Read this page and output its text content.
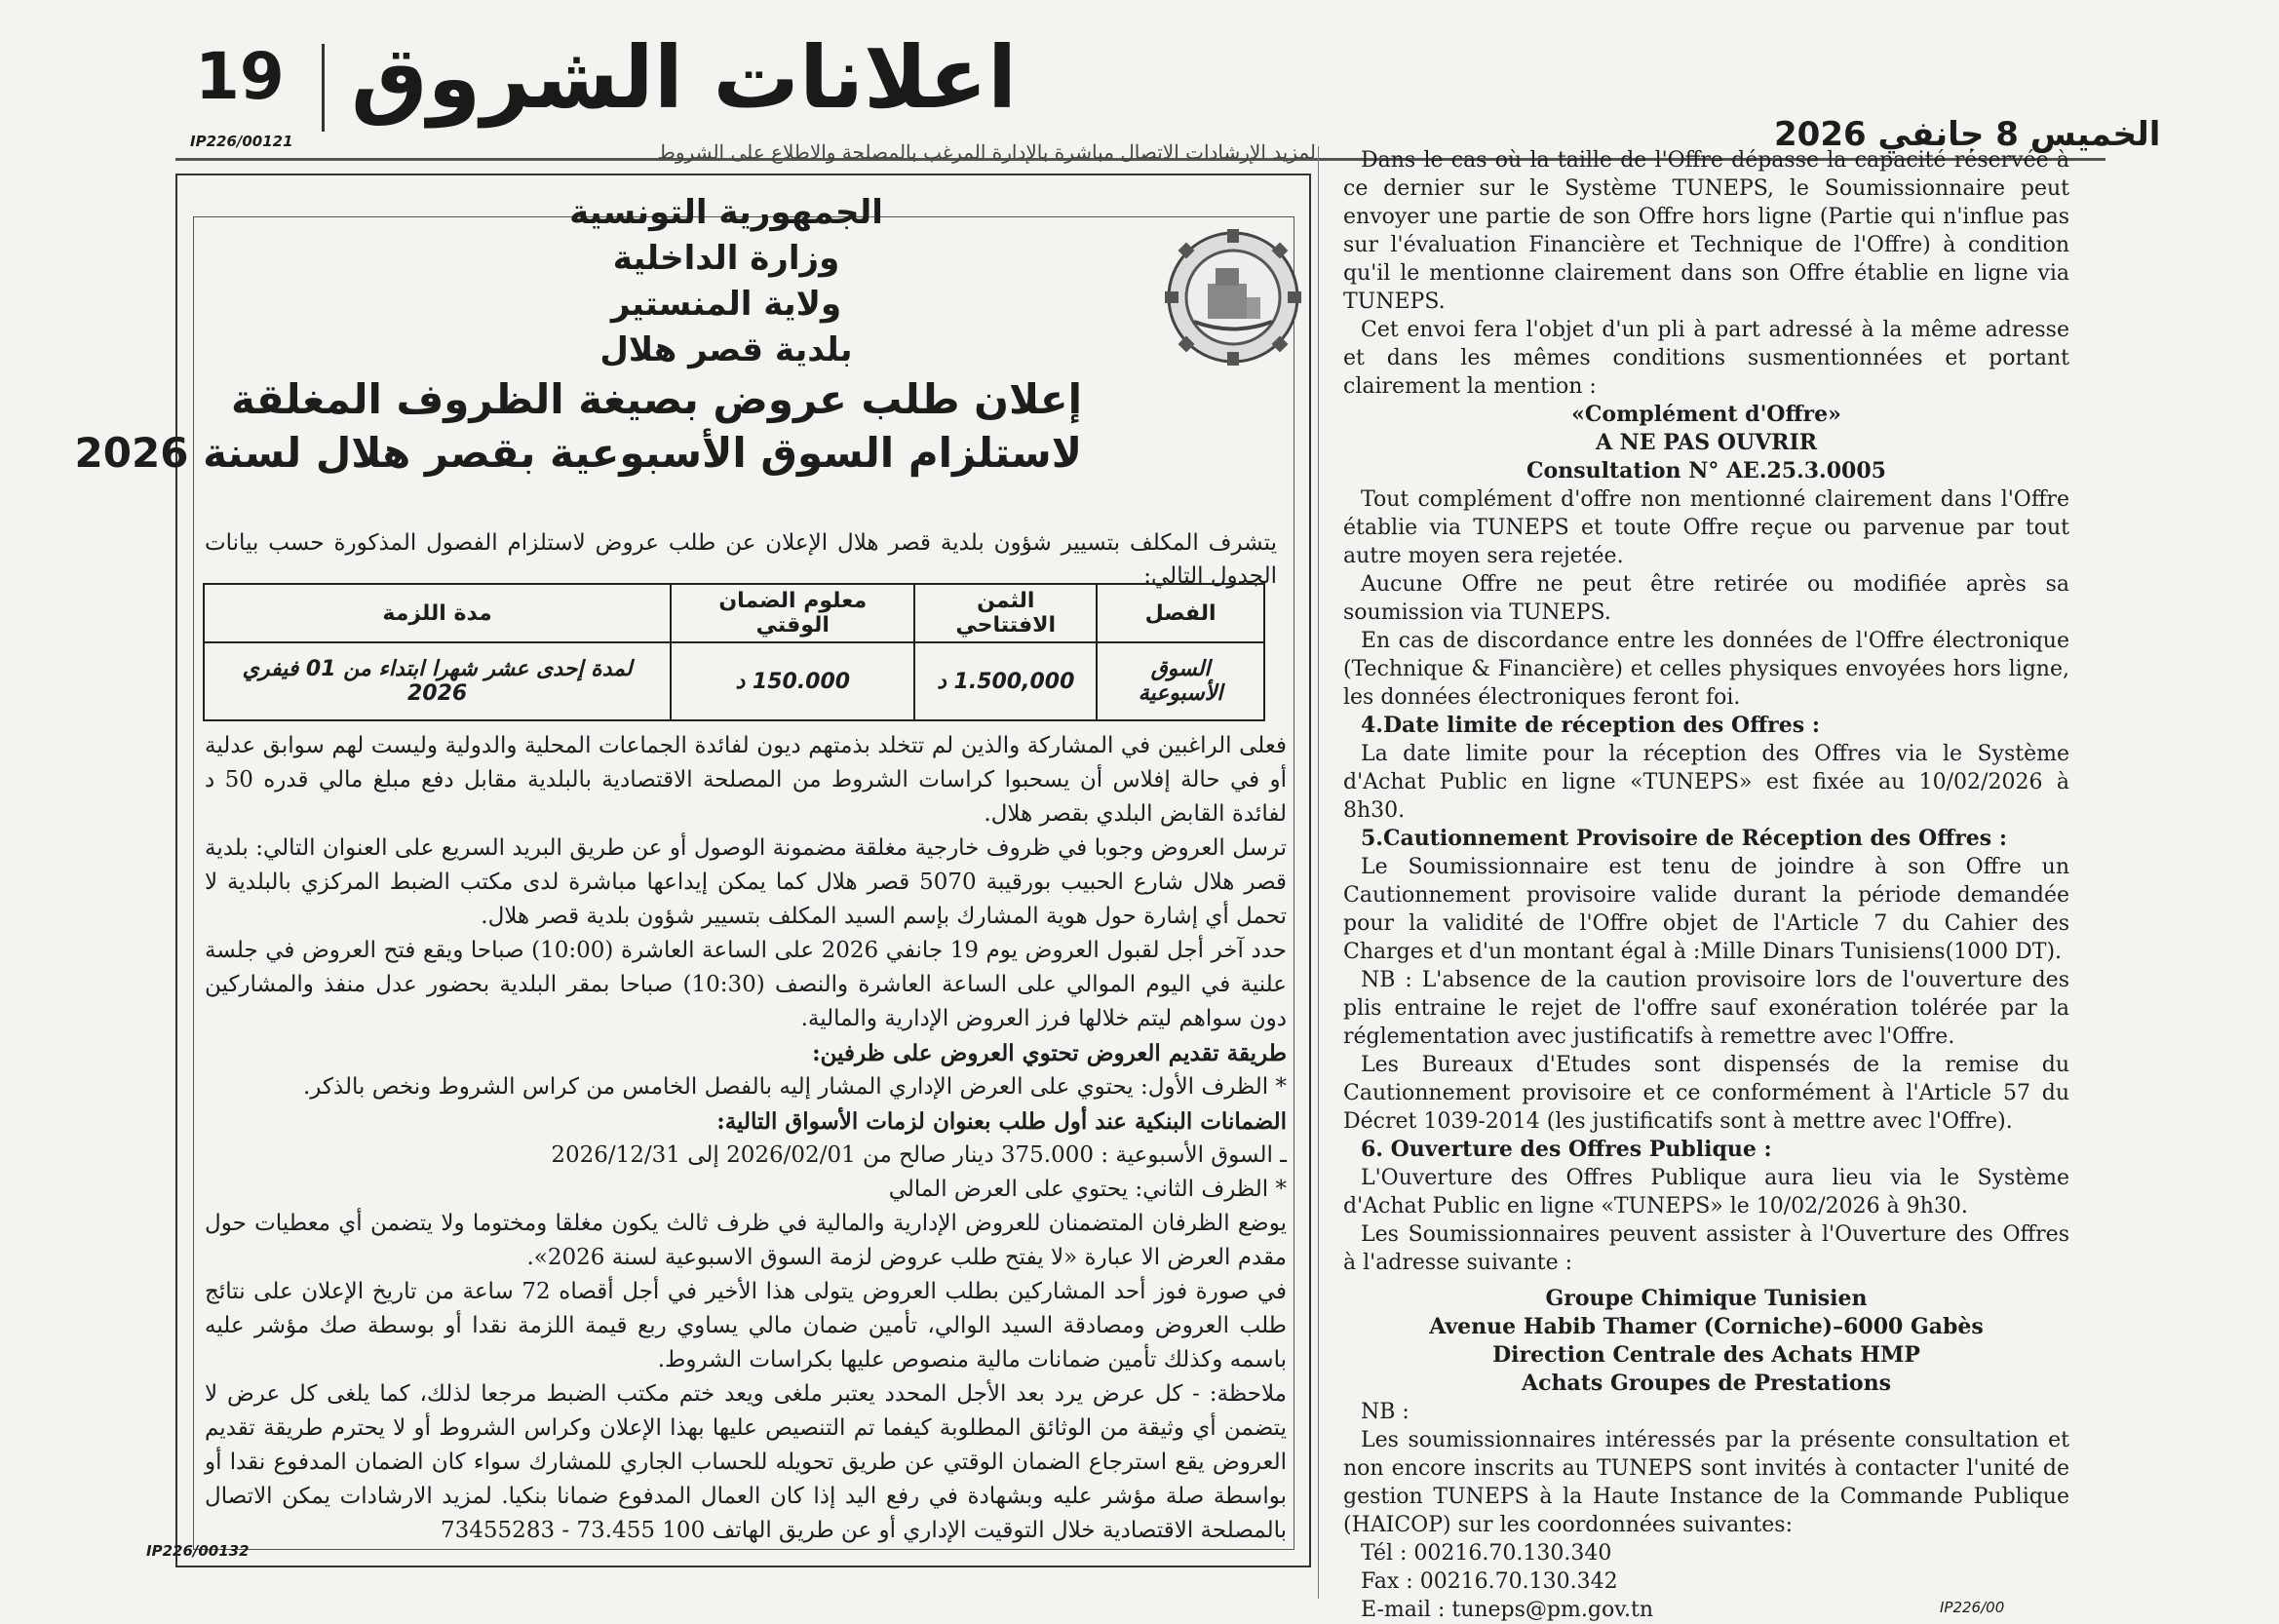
19 اعلانات الشروق
الخميس 8 جانفي 2026
IP226/00121	لمزيد الإرشادات الاتصال مباشرة بالإدارة المرغب بالمصلحة والاطلاع على الشروط
الجمهورية التونسية
وزارة الداخلية
ولاية المنستير
بلدية قصر هلال
إعلان طلب عروض بصيغة الظروف المغلقة
لاستلزام السوق الأسبوعية بقصر هلال لسنة 2026
يتشرف المكلف بتسيير شؤون بلدية قصر هلال الإعلان عن طلب عروض لاستلزام الفصول المذكورة حسب بيانات الجدول التالي:
الفصل	الثمن الافتتاحي	معلوم الضمان الوقتي	مدة اللزمة
السوق الأسبوعية	1.500,000 د	150.000 د	لمدة إحدى عشر شهرا ابتداء من 01 فيفري 2026

فعلى الراغبين في المشاركة والذين لم تتخلد بذمتهم ديون لفائدة الجماعات المحلية والدولية وليست لهم سوابق عدلية أو في حالة إفلاس أن يسحبوا كراسات الشروط من المصلحة الاقتصادية بالبلدية مقابل دفع مبلغ مالي قدره 50 د لفائدة القابض البلدي بقصر هلال.

ترسل العروض وجوبا في ظروف خارجية مغلقة مضمونة الوصول أو عن طريق البريد السريع على العنوان التالي: بلدية قصر هلال شارع الحبيب بورقيبة 5070 قصر هلال كما يمكن إيداعها مباشرة لدى مكتب الضبط المركزي بالبلدية لا تحمل أي إشارة حول هوية المشارك بإسم السيد المكلف بتسيير شؤون بلدية قصر هلال.

حدد آخر أجل لقبول العروض يوم 19 جانفي 2026 على الساعة العاشرة (10:00) صباحا ويقع فتح العروض في جلسة علنية في اليوم الموالي على الساعة العاشرة والنصف (10:30) صباحا بمقر البلدية بحضور عدل منفذ والمشاركين دون سواهم ليتم خلالها فرز العروض الإدارية والمالية.

طريقة تقديم العروض تحتوي العروض على ظرفين:

* الظرف الأول: يحتوي على العرض الإداري المشار إليه بالفصل الخامس من كراس الشروط ونخص بالذكر.

الضمانات البنكية عند أول طلب بعنوان لزمات الأسواق التالية:

ـ السوق الأسبوعية : 375.000 دينار صالح من 2026/02/01 إلى 2026/12/31

* الظرف الثاني: يحتوي على العرض المالي

يوضع الظرفان المتضمنان للعروض الإدارية والمالية في ظرف ثالث يكون مغلقا ومختوما ولا يتضمن أي معطيات حول مقدم العرض الا عبارة «لا يفتح طلب عروض لزمة السوق الاسبوعية لسنة 2026».

في صورة فوز أحد المشاركين بطلب العروض يتولى هذا الأخير في أجل أقصاه 72 ساعة من تاريخ الإعلان على نتائج طلب العروض ومصادقة السيد الوالي، تأمين ضمان مالي يساوي ربع قيمة اللزمة نقدا أو بوسطة صك مؤشر عليه باسمه وكذلك تأمين ضمانات مالية منصوص عليها بكراسات الشروط.

ملاحظة: - كل عرض يرد بعد الأجل المحدد يعتبر ملغى ويعد ختم مكتب الضبط مرجعا لذلك، كما يلغى كل عرض لا يتضمن أي وثيقة من الوثائق المطلوبة كيفما تم التنصيص عليها بهذا الإعلان وكراس الشروط أو لا يحترم طريقة تقديم العروض يقع استرجاع الضمان الوقتي عن طريق تحويله للحساب الجاري للمشارك سواء كان الضمان المدفوع نقدا أو بواسطة صلة مؤشر عليه وبشهادة في رفع اليد إذا كان العمال المدفوع ضمانا بنكيا. لمزيد الارشادات يمكن الاتصال بالمصلحة الاقتصادية خلال التوقيت الإداري أو عن طريق الهاتف 100 73.455 - 73455283

IP226/00132

Dans le cas où la taille de l'Offre dépasse la capacité réservée à ce dernier sur le Système TUNEPS, le Soumissionnaire peut envoyer une partie de son Offre hors ligne (Partie qui n'influe pas sur l'évaluation Financière et Technique de l'Offre) à condition qu'il le mentionne clairement dans son Offre établie en ligne via TUNEPS.

Cet envoi fera l'objet d'un pli à part adressé à la même adresse et dans les mêmes conditions susmentionnées et portant clairement la mention :

«Complément d'Offre»

A NE PAS OUVRIR

Consultation N° AE.25.3.0005

Tout complément d'offre non mentionné clairement dans l'Offre établie via TUNEPS et toute Offre reçue ou parvenue par tout autre moyen sera rejetée.

Aucune Offre ne peut être retirée ou modifiée après sa soumission via TUNEPS.

En cas de discordance entre les données de l'Offre électronique (Technique & Financière) et celles physiques envoyées hors ligne, les données électroniques feront foi.

4.Date limite de réception des Offres :

La date limite pour la réception des Offres via le Système d'Achat Public en ligne «TUNEPS» est fixée au 10/02/2026 à 8h30.

5.Cautionnement Provisoire de Réception des Offres :

Le Soumissionnaire est tenu de joindre à son Offre un Cautionnement provisoire valide durant la période demandée pour la validité de l'Offre objet de l'Article 7 du Cahier des Charges et d'un montant égal à :Mille Dinars Tunisiens(1000 DT).

NB : L'absence de la caution provisoire lors de l'ouverture des plis entraine le rejet de l'offre sauf exonération tolérée par la réglementation avec justificatifs à remettre avec l'Offre.

Les Bureaux d'Etudes sont dispensés de la remise du Cautionnement provisoire et ce conformément à l'Article 57 du Décret 1039-2014 (les justificatifs sont à mettre avec l'Offre).

6. Ouverture des Offres Publique :

L'Ouverture des Offres Publique aura lieu via le Système d'Achat Public en ligne «TUNEPS» le 10/02/2026 à 9h30.

Les Soumissionnaires peuvent assister à l'Ouverture des Offres à l'adresse suivante :

Groupe Chimique Tunisien

Avenue Habib Thamer (Corniche)–6000 Gabès

Direction Centrale des Achats HMP

Achats Groupes de Prestations

NB :

Les soumissionnaires intéressés par la présente consultation et non encore inscrits au TUNEPS sont invités à contacter l'unité de gestion TUNEPS à la Haute Instance de la Commande Publique (HAICOP) sur les coordonnées suivantes:

Tél : 00216.70.130.340

Fax : 00216.70.130.342

E-mail : tuneps@pm.gov.tn	IP226/00
